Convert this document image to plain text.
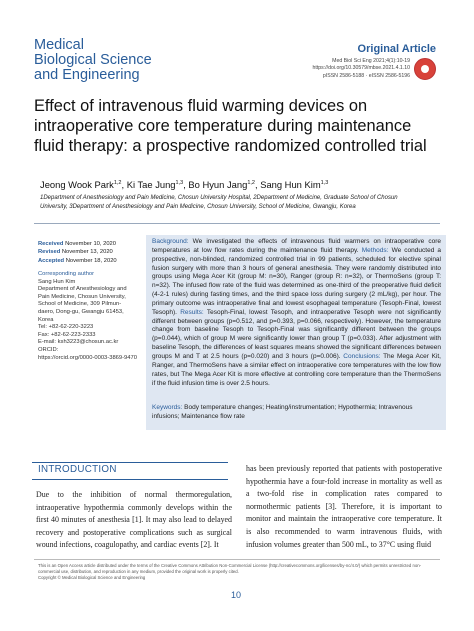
Medical
Biological Science
and Engineering
Original Article
Med Biol Sci Eng 2021;4(1):10-19
https://doi.org/10.30579/mbse.2021.4.1.10
pISSN 2586-5188 · eISSN 2586-5196
Effect of intravenous fluid warming devices on intraoperative core temperature during maintenance fluid therapy: a prospective randomized controlled trial
Jeong Wook Park$^{1,2}$, Ki Tae Jung$^{1,3}$, Bo Hyun Jang$^{1,2}$, Sang Hun Kim$^{1,3}$
1Department of Anesthesiology and Pain Medicine, Chosun University Hospital, 2Department of Medicine, Graduate School of Chosun
University, 3Department of Anesthesiology and Pain Medicine, Chosun University, School of Medicine, Gwangju, Korea
Received November 10, 2020
Revised November 13, 2020
Accepted November 18, 2020
Corresponding author
Sang Hun Kim
Department of Anesthesiology and
Pain Medicine, Chosun University,
School of Medicine, 309 Pilmun-
daero, Dong-gu, Gwangju 61453,
Korea
Tel: +82-62-220-3223
Fax: +82-62-223-2333
E-mail: ksh3223@chosun.ac.kr
ORCID:
https://orcid.org/0000-0003-3869-9470
Background: We investigated the effects of intravenous fluid warmers on intraoperative core temperatures at low flow rates during the maintenance fluid therapy. Methods: We conducted a prospective, non-blinded, randomized controlled trial in 99 patients, scheduled for elective spinal fusion surgery with more than 3 hours of general anesthesia. They were randomly distributed into groups using Mega Acer Kit (group M: n=30), Ranger (group R: n=32), or ThermoSens (group T: n=32). The infused flow rate of the fluid was determined as one-third of the preoperative fluid deficit (4-2-1 rules) during fasting times, and the third space loss during surgery (2 mL/kg), per hour. The primary outcome was intraoperative final and lowest esophageal temperature (Tesoph-Final, lowest Tesoph). Results: Tesoph-Final, lowest Tesoph, and intraoperative Tesoph were not significantly different between groups (p=0.512, and p=0.393, p=0.066, respectively). However, the temperature change from baseline Tesoph to Tesoph-Final was significantly different between the groups (p=0.044), which of group M were significantly lower than group T (p=0.033). After adjustment with baseline Tesoph, the differences of least squares means showed the significant differences between groups M and T at 2.5 hours (p=0.020) and 3 hours (p=0.006). Conclusions: The Mega Acer Kit, Ranger, and ThermoSens have a similar effect on intraoperative core temperatures with the low flow rates, but The Mega Acer Kit is more effective at controlling core temperature than the ThermoSens if the fluid infusion time is over 2.5 hours.
Keywords: Body temperature changes; Heating/instrumentation; Hypothermia; Intravenous infusions; Maintenance flow rate
INTRODUCTION
Due to the inhibition of normal thermoregulation, intraoperative hypothermia commonly develops within the first 40 minutes of anesthesia [1]. It may also lead to delayed recovery and postoperative complications such as surgical wound infections, coagulopathy, and cardiac events [2]. It
has been previously reported that patients with postoperative hypothermia have a four-fold increase in mortality as well as a two-fold rise in complication rates compared to normothermic patients [3]. Therefore, it is important to monitor and maintain the intraoperative core temperature. It is also recommended to warm intravenous fluids, with infusion volumes greater than 500 mL, to 37°C using fluid
This is an Open Access article distributed under the terms of the Creative Commons Attribution Non-Commercial License (http://creativecommons.org/licenses/by-nc/4.0/) which permits unrestricted non-
commercial use, distribution, and reproduction in any medium, provided the original work is properly cited.
Copyright © Medical Biological Science and Engineering
10
